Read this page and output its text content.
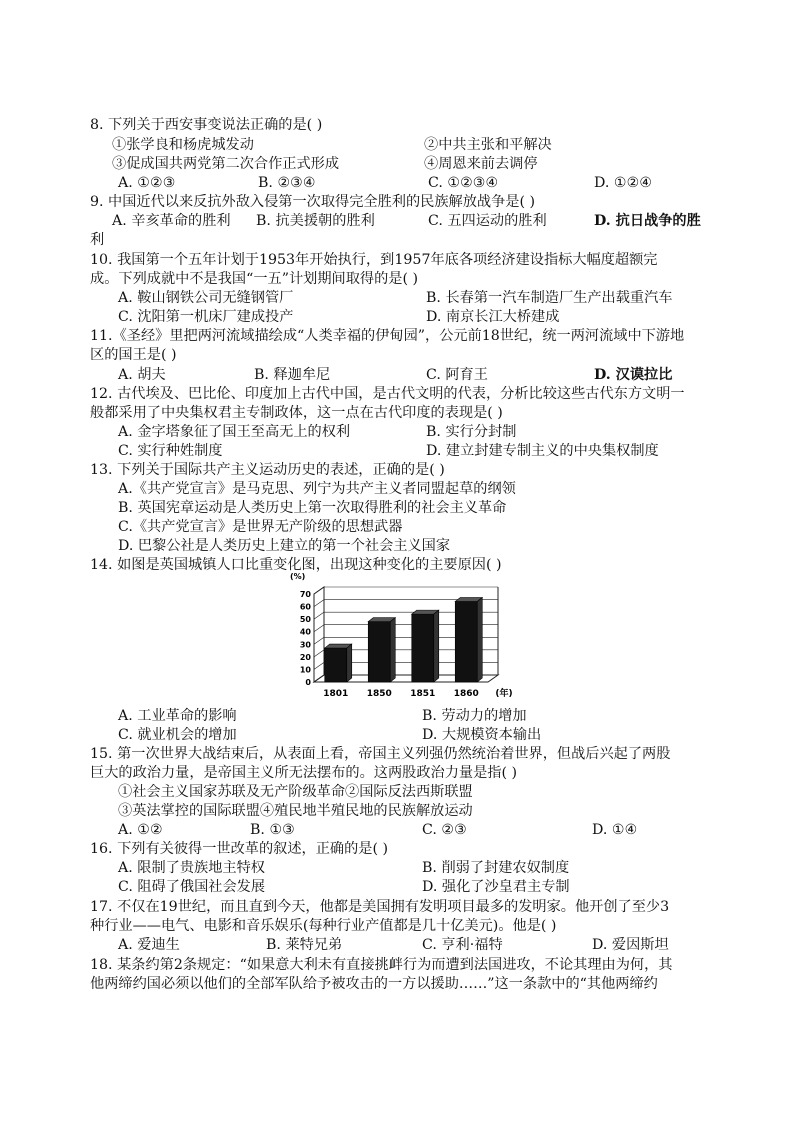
8. 下列关于西安事变说法正确的是( )
①张学良和杨虎城发动	②中共主张和平解决
③促成国共两党第二次合作正式形成	④周恩来前去调停
A. ①②③	B. ②③④	C. ①②③④	D. ①②④
9. 中国近代以来反抗外敌入侵第一次取得完全胜利的民族解放战争是( )
A. 辛亥革命的胜利 B. 抗美援朝的胜利	C. 五四运动的胜利	D. 抗日战争的胜
利
10. 我国第一个五年计划于1953年开始执行，到1957年底各项经济建设指标大幅度超额完
成。下列成就中不是我国“一五”计划期间取得的是( )
A. 鞍山钢铁公司无缝钢管厂	B. 长春第一汽车制造厂生产出载重汽车
C. 沈阳第一机床厂建成投产	D. 南京长江大桥建成
11.《圣经》里把两河流域描绘成“人类幸福的伊甸园”，公元前18世纪，统一两河流域中下游地
区的国王是( )
A. 胡夫	B. 释迦牟尼	C. 阿育王	D. 汉谟拉比
12. 古代埃及、巴比伦、印度加上古代中国，是古代文明的代表，分析比较这些古代东方文明一
般都采用了中央集权君主专制政体，这一点在古代印度的表现是( )
A. 金字塔象征了国王至高无上的权利	B. 实行分封制
C. 实行种姓制度	D. 建立封建专制主义的中央集权制度
13. 下列关于国际共产主义运动历史的表述，正确的是( )
A.《共产党宣言》是马克思、列宁为共产主义者同盟起草的纲领
B. 英国宪章运动是人类历史上第一次取得胜利的社会主义革命
C.《共产党宣言》是世界无产阶级的思想武器
D. 巴黎公社是人类历史上建立的第一个社会主义国家
14. 如图是英国城镇人口比重变化图，出现这种变化的主要原因( )
(%)
0
10
20
30
40
50
60
70
1801 1850 1851 1860 (年)
A. 工业革命的影响	B. 劳动力的增加
C. 就业机会的增加	D. 大规模资本输出
15. 第一次世界大战结束后，从表面上看，帝国主义列强仍然统治着世界，但战后兴起了两股
巨大的政治力量，是帝国主义所无法摆布的。这两股政治力量是指( )
①社会主义国家苏联及无产阶级革命②国际反法西斯联盟
③英法掌控的国际联盟④殖民地半殖民地的民族解放运动
A. ①②	B. ①③	C. ②③	D. ①④
16. 下列有关彼得一世改革的叙述，正确的是( )
A. 限制了贵族地主特权	B. 削弱了封建农奴制度
C. 阻碍了俄国社会发展	D. 强化了沙皇君主专制
17. 不仅在19世纪，而且直到今天，他都是美国拥有发明项目最多的发明家。他开创了至少3
种行业——电气、电影和音乐娱乐(每种行业产值都是几十亿美元)。他是( )
A. 爱迪生	B. 莱特兄弟	C. 亨利·福特	D. 爱因斯坦
18. 某条约第2条规定：“如果意大利未有直接挑衅行为而遭到法国进攻，不论其理由为何，其
他两缔约国必须以他们的全部军队给予被攻击的一方以援助……”这一条款中的“其他两缔约
